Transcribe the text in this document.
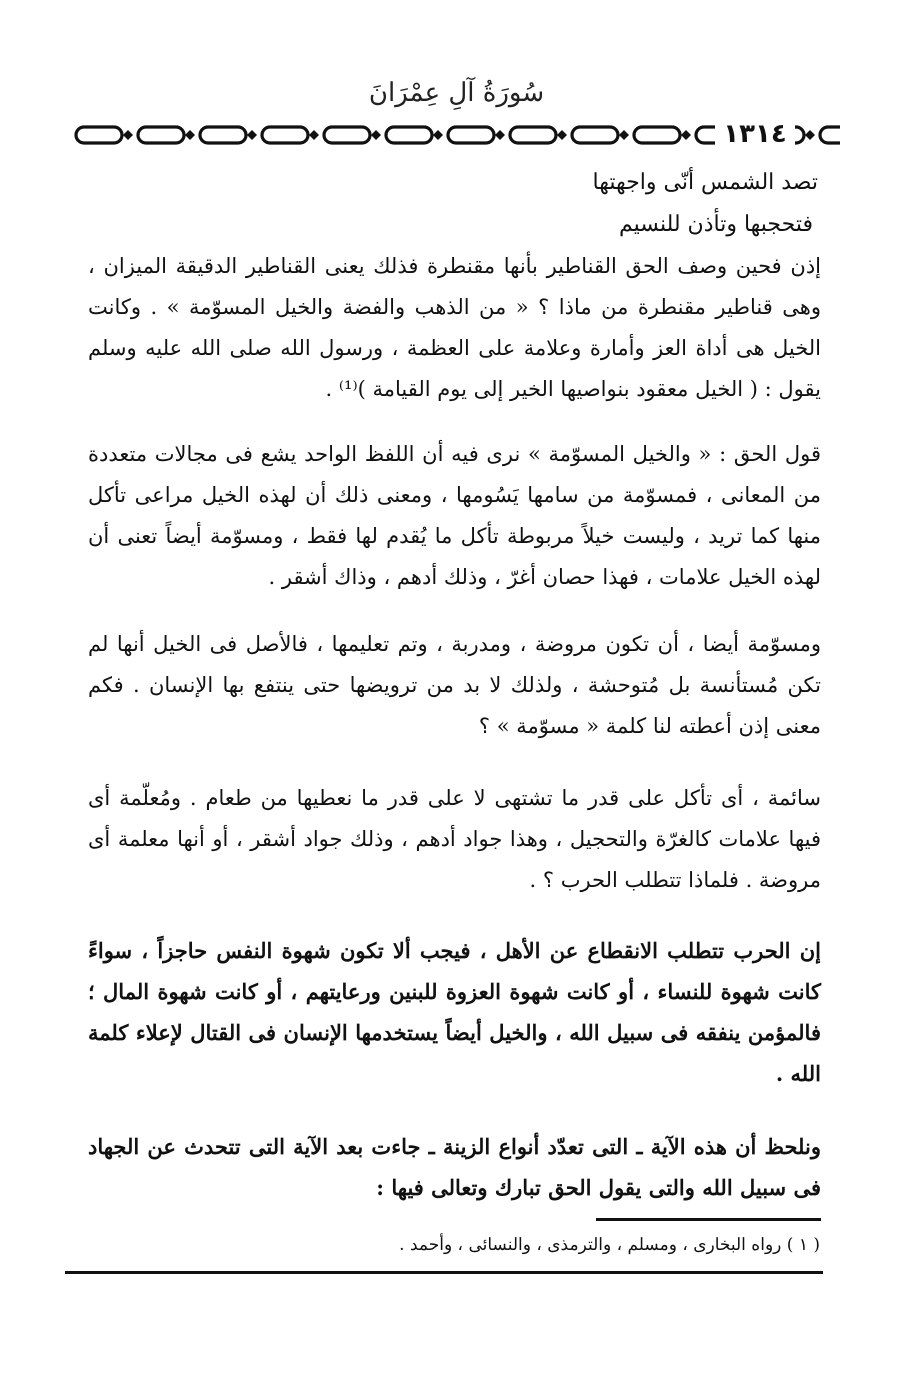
سُورَةُ آلِ عِمْرَانَ
١٣١٤
تصد الشمس أنّى واجهتها
فتحجبها وتأذن للنسيم
إذن فحين وصف الحق القناطير بأنها مقنطرة فذلك يعنى القناطير الدقيقة الميزان ، وهى قناطير مقنطرة من ماذا ؟ « من الذهب والفضة والخيل المسوّمة » . وكانت الخيل هى أداة العز وأمارة وعلامة على العظمة ، ورسول الله صلى الله عليه وسلم يقول : ( الخيل معقود بنواصيها الخير إلى يوم القيامة )⁽¹⁾ .
قول الحق : « والخيل المسوّمة » نرى فيه أن اللفظ الواحد يشع فى مجالات متعددة من المعانى ، فمسوّمة من سامها يَسُومها ، ومعنى ذلك أن لهذه الخيل مراعى تأكل منها كما تريد ، وليست خيلاً مربوطة تأكل ما يُقدم لها فقط ، ومسوّمة أيضاً تعنى أن لهذه الخيل علامات ، فهذا حصان أغرّ ، وذلك أدهم ، وذاك أشقر .
ومسوّمة أيضا ، أن تكون مروضة ، ومدربة ، وتم تعليمها ، فالأصل فى الخيل أنها لم تكن مُستأنسة بل مُتوحشة ، ولذلك لا بد من ترويضها حتى ينتفع بها الإنسان . فكم معنى إذن أعطته لنا كلمة « مسوّمة » ؟
سائمة ، أى تأكل على قدر ما تشتهى لا على قدر ما نعطيها من طعام . ومُعلّمة أى فيها علامات كالغرّة والتحجيل ، وهذا جواد أدهم ، وذلك جواد أشقر ، أو أنها معلمة أى مروضة . فلماذا تتطلب الحرب ؟ .
إن الحرب تتطلب الانقطاع عن الأهل ، فيجب ألا تكون شهوة النفس حاجزاً ، سواءً كانت شهوة للنساء ، أو كانت شهوة العزوة للبنين ورعايتهم ، أو كانت شهوة المال ؛ فالمؤمن ينفقه فى سبيل الله ، والخيل أيضاً يستخدمها الإنسان فى القتال لإعلاء كلمة الله .
ونلحظ أن هذه الآية ـ التى تعدّد أنواع الزينة ـ جاءت بعد الآية التى تتحدث عن الجهاد فى سبيل الله والتى يقول الحق تبارك وتعالى فيها :
( ١ ) رواه البخارى ، ومسلم ، والترمذى ، والنسائى ، وأحمد .
